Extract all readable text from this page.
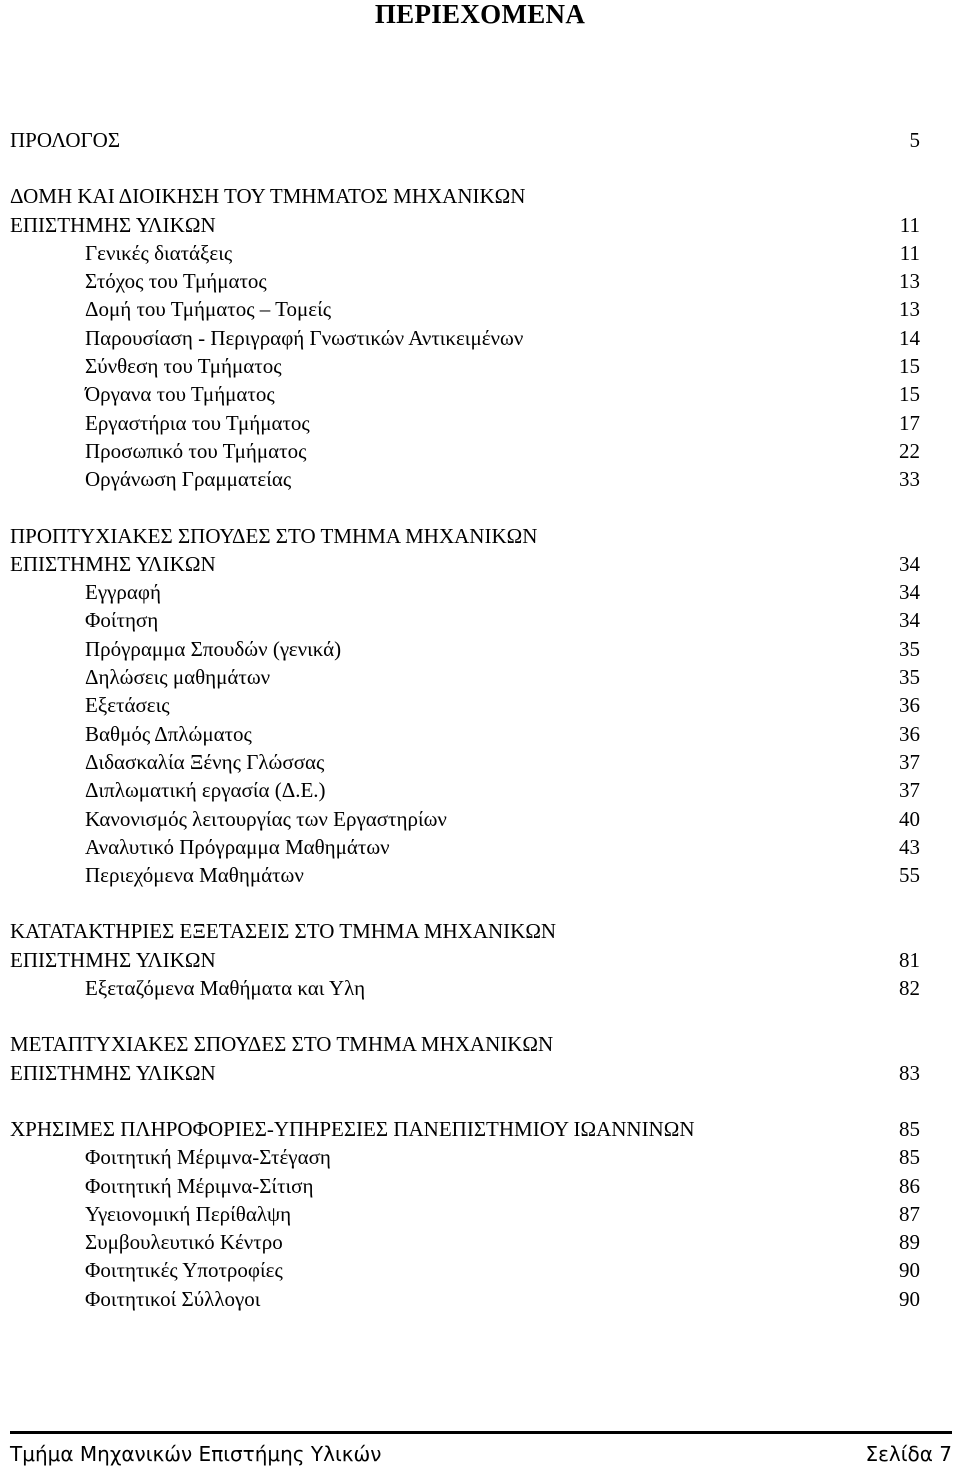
ΠΕΡΙΕΧΟΜΕΝΑ
ΠΡΟΛΟΓΟΣ	5
ΔΟΜΗ ΚΑΙ ΔΙΟΙΚΗΣΗ ΤΟΥ ΤΜΗΜΑΤΟΣ ΜΗΧΑΝΙΚΩΝ
ΕΠΙΣΤΗΜΗΣ ΥΛΙΚΩΝ	11
Γενικές διατάξεις	11
Στόχος του Τμήματος	13
Δομή του Τμήματος – Τομείς	13
Παρουσίαση - Περιγραφή Γνωστικών Αντικειμένων	14
Σύνθεση του Τμήματος	15
Όργανα του Τμήματος	15
Εργαστήρια του Τμήματος	17
Προσωπικό του Τμήματος	22
Οργάνωση Γραμματείας	33
ΠΡΟΠΤΥΧΙΑΚΕΣ ΣΠΟΥΔΕΣ ΣΤΟ ΤΜΗΜΑ ΜΗΧΑΝΙΚΩΝ
ΕΠΙΣΤΗΜΗΣ ΥΛΙΚΩΝ	34
Εγγραφή	34
Φοίτηση	34
Πρόγραμμα Σπουδών (γενικά)	35
Δηλώσεις μαθημάτων	35
Εξετάσεις	36
Βαθμός Δπλώματος	36
Διδασκαλία Ξένης Γλώσσας	37
Διπλωματική εργασία (Δ.Ε.)	37
Κανονισμός λειτουργίας των Εργαστηρίων	40
Αναλυτικό Πρόγραμμα Μαθημάτων	43
Περιεχόμενα Μαθημάτων	55
ΚΑΤΑΤΑΚΤΗΡΙΕΣ ΕΞΕΤΑΣΕΙΣ ΣΤΟ ΤΜΗΜΑ ΜΗΧΑΝΙΚΩΝ
ΕΠΙΣΤΗΜΗΣ ΥΛΙΚΩΝ	81
Εξεταζόμενα Μαθήματα και Υλη	82
ΜΕΤΑΠΤΥΧΙΑΚΕΣ ΣΠΟΥΔΕΣ ΣΤΟ ΤΜΗΜΑ ΜΗΧΑΝΙΚΩΝ
ΕΠΙΣΤΗΜΗΣ ΥΛΙΚΩΝ	83
ΧΡΗΣΙΜΕΣ ΠΛΗΡΟΦΟΡΙΕΣ-ΥΠΗΡΕΣΙΕΣ ΠΑΝΕΠΙΣΤΗΜΙΟΥ ΙΩΑΝΝΙΝΩΝ	85
Φοιτητική Μέριμνα-Στέγαση	85
Φοιτητική Μέριμνα-Σίτιση	86
Υγειονομική Περίθαλψη	87
Συμβουλευτικό Κέντρο	89
Φοιτητικές Υποτροφίες	90
Φοιτητικοί Σύλλογοι	90
Τμήμα Μηχανικών Επιστήμης Υλικών	Σελίδα 7
